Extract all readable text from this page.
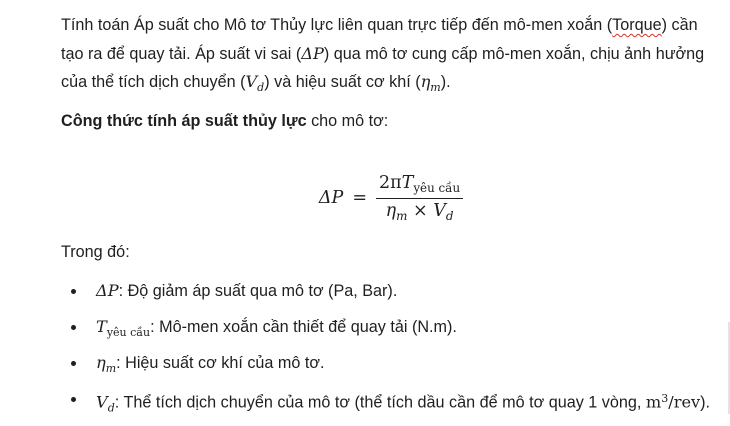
Tính toán Áp suất cho Mô tơ Thủy lực liên quan trực tiếp đến mô-men xoắn (Torque) cần tạo ra để quay tải. Áp suất vi sai (ΔP) qua mô tơ cung cấp mô-men xoắn, chịu ảnh hưởng của thể tích dịch chuyển $(V_d)$ và hiệu suất cơ khí $(\eta_m)$.

Công thức tính áp suất thủy lực cho mô tơ:

$\Delta P = \frac{2\pi T_{yêu cầu}}{\eta_m \times V_d}$

Trong đó:

ΔP: Độ giảm áp suất qua mô tơ (Pa, Bar).
$T_{yêu cầu}$: Mô-men xoắn cần thiết để quay tải (N.m).
$\eta_m$: Hiệu suất cơ khí của mô tơ.
$V_d$: Thể tích dịch chuyển của mô tơ (thể tích dầu cần để mô tơ quay 1 vòng, $m^3/rev$).
